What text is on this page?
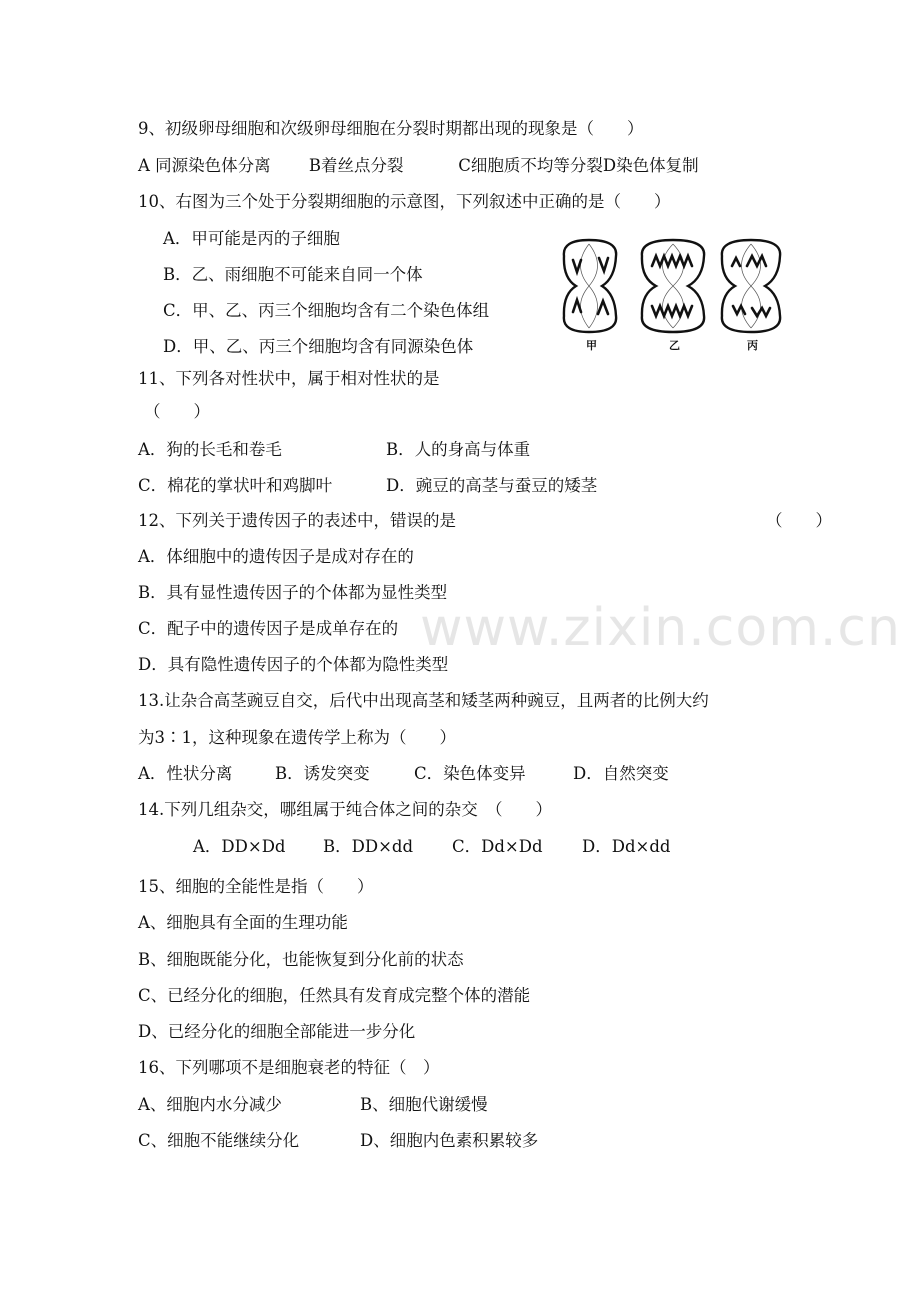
www.zixin.com.cn
9、初级卵母细胞和次级卵母细胞在分裂时期都出现的现象是（　　）
A 同源染色体分离　　 B着丝点分裂　　　 C细胞质不均等分裂D染色体复制
10、右图为三个处于分裂期细胞的示意图，下列叙述中正确的是（　　）
A．甲可能是丙的子细胞
B．乙、雨细胞不可能来自同一个体
C．甲、乙、丙三个细胞均含有二个染色体组
D．甲、乙、丙三个细胞均含有同源染色体	甲	乙	丙
11、下列各对性状中，属于相对性状的是
（　　）
A．狗的长毛和卷毛	B．人的身高与体重
C．棉花的掌状叶和鸡脚叶	D．豌豆的高茎与蚕豆的矮茎
12、下列关于遗传因子的表述中，错误的是	（　　）
A．体细胞中的遗传因子是成对存在的
B．具有显性遗传因子的个体都为显性类型
C．配子中的遗传因子是成单存在的
D．具有隐性遗传因子的个体都为隐性类型
13.让杂合高茎豌豆自交，后代中出现高茎和矮茎两种豌豆，且两者的比例大约
为3∶1，这种现象在遗传学上称为（　　）
A．性状分离	B．诱发突变	C．染色体变异	D．自然突变
14.下列几组杂交，哪组属于纯合体之间的杂交　（　　）
A．DD×Dd B．DD×dd C．Dd×Dd D．Dd×dd
15、细胞的全能性是指（　　）
A、细胞具有全面的生理功能
B、细胞既能分化，也能恢复到分化前的状态
C、已经分化的细胞，任然具有发育成完整个体的潜能
D、已经分化的细胞全部能进一步分化
16、下列哪项不是细胞衰老的特征（　）
A、细胞内水分减少	B、细胞代谢缓慢
C、细胞不能继续分化	D、细胞内色素积累较多
